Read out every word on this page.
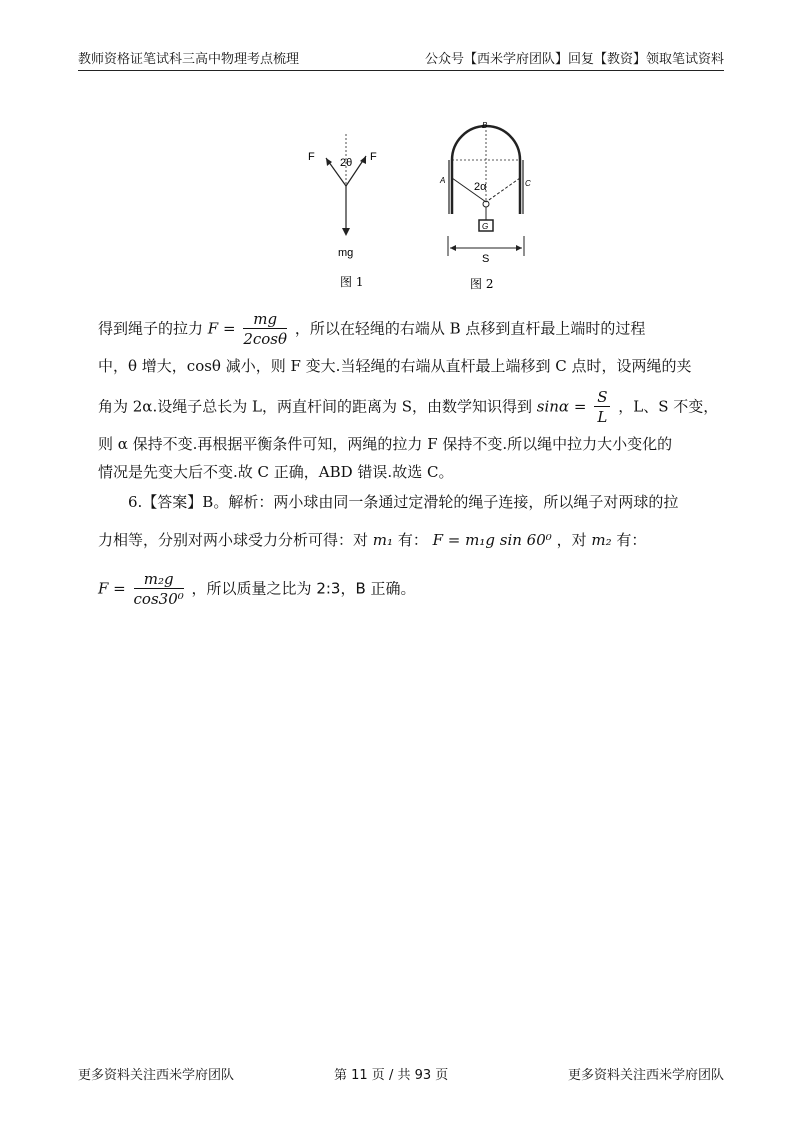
教师资格证笔试科三高中物理考点梳理	公众号【西米学府团队】回复【教资】领取笔试资料
F	F
2θ
mg
图 1
G
B
A	C
2α
S
图 2
得到绳子的拉力 $F = \frac{mg}{2\cos\theta}$ ，所以在轻绳的右端从 B 点移到直杆最上端时的过程
中，θ 增大，cosθ 减小，则 F 变大.当轻绳的右端从直杆最上端移到 C 点时，设两绳的夹
角为 2α.设绳子总长为 L，两直杆间的距离为 S，由数学知识得到 $\sin\alpha = \frac{S}{L}$ ，L、S 不变，
则 α 保持不变.再根据平衡条件可知，两绳的拉力 F 保持不变.所以绳中拉力大小变化的
情况是先变大后不变.故 C 正确，ABD 错误.故选 C。
6.【答案】B。解析：两小球由同一条通过定滑轮的绳子连接，所以绳子对两球的拉
力相等，分别对两小球受力分析可得：对 m₁ 有： F = m₁g sin 60⁰ ，对 m₂ 有：
$F = \frac{\text{m₂g}}{\text{cos30⁰}}$ ，所以质量之比为 2:3，B 正确。
更多资料关注西米学府团队	第 11 页 / 共 93 页	更多资料关注西米学府团队
